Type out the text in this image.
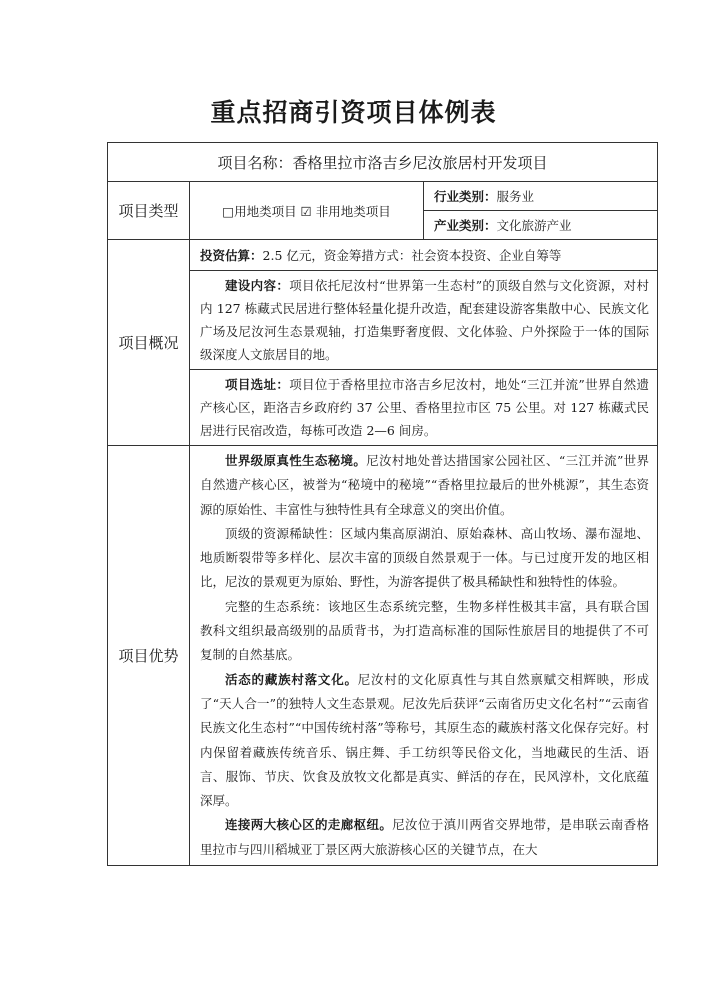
重点招商引资项目体例表
项目名称：香格里拉市洛吉乡尼汝旅居村开发项目		
项目类型	□用地类项目 ☑ 非用地类项目	行业类别：服务业
		产业类别：文化旅游产业
项目概况	投资估算：2.5 亿元，资金筹措方式：社会资本投资、企业自筹等	

	建设内容：项目依托尼汝村“世界第一生态村”的顶级自然与文化资源，对村内 127 栋藏式民居进行整体轻量化提升改造，配套建设游客集散中心、民族文化广场及尼汝河生态景观轴，打造集野奢度假、文化体验、户外探险于一体的国际级深度人文旅居目的地。	

	项目选址：项目位于香格里拉市洛吉乡尼汝村，地处“三江并流”世界自然遗产核心区，距洛吉乡政府约 37 公里、香格里拉市区 75 公里。对 127 栋藏式民居进行民宿改造，每栋可改造 2—6 间房。	

项目优势	世界级原真性生态秘境。尼汝村地处普达措国家公园社区、“三江并流”世界自然遗产核心区，被誉为“秘境中的秘境”“香格里拉最后的世外桃源”，其生态资源的原始性、丰富性与独特性具有全球意义的突出价值。

顶级的资源稀缺性：区域内集高原湖泊、原始森林、高山牧场、瀑布湿地、地质断裂带等多样化、层次丰富的顶级自然景观于一体。与已过度开发的地区相比，尼汝的景观更为原始、野性，为游客提供了极具稀缺性和独特性的体验。

完整的生态系统：该地区生态系统完整，生物多样性极其丰富，具有联合国教科文组织最高级别的品质背书，为打造高标准的国际性旅居目的地提供了不可复制的自然基底。

活态的藏族村落文化。尼汝村的文化原真性与其自然禀赋交相辉映，形成了“天人合一”的独特人文生态景观。尼汝先后获评“云南省历史文化名村”“云南省民族文化生态村”“中国传统村落”等称号，其原生态的藏族村落文化保存完好。村内保留着藏族传统音乐、锅庄舞、手工纺织等民俗文化，当地藏民的生活、语言、服饰、节庆、饮食及放牧文化都是真实、鲜活的存在，民风淳朴，文化底蕴深厚。

连接两大核心区的走廊枢纽。尼汝位于滇川两省交界地带，是串联云南香格里拉市与四川稻城亚丁景区两大旅游核心区的关键节点，在大	
